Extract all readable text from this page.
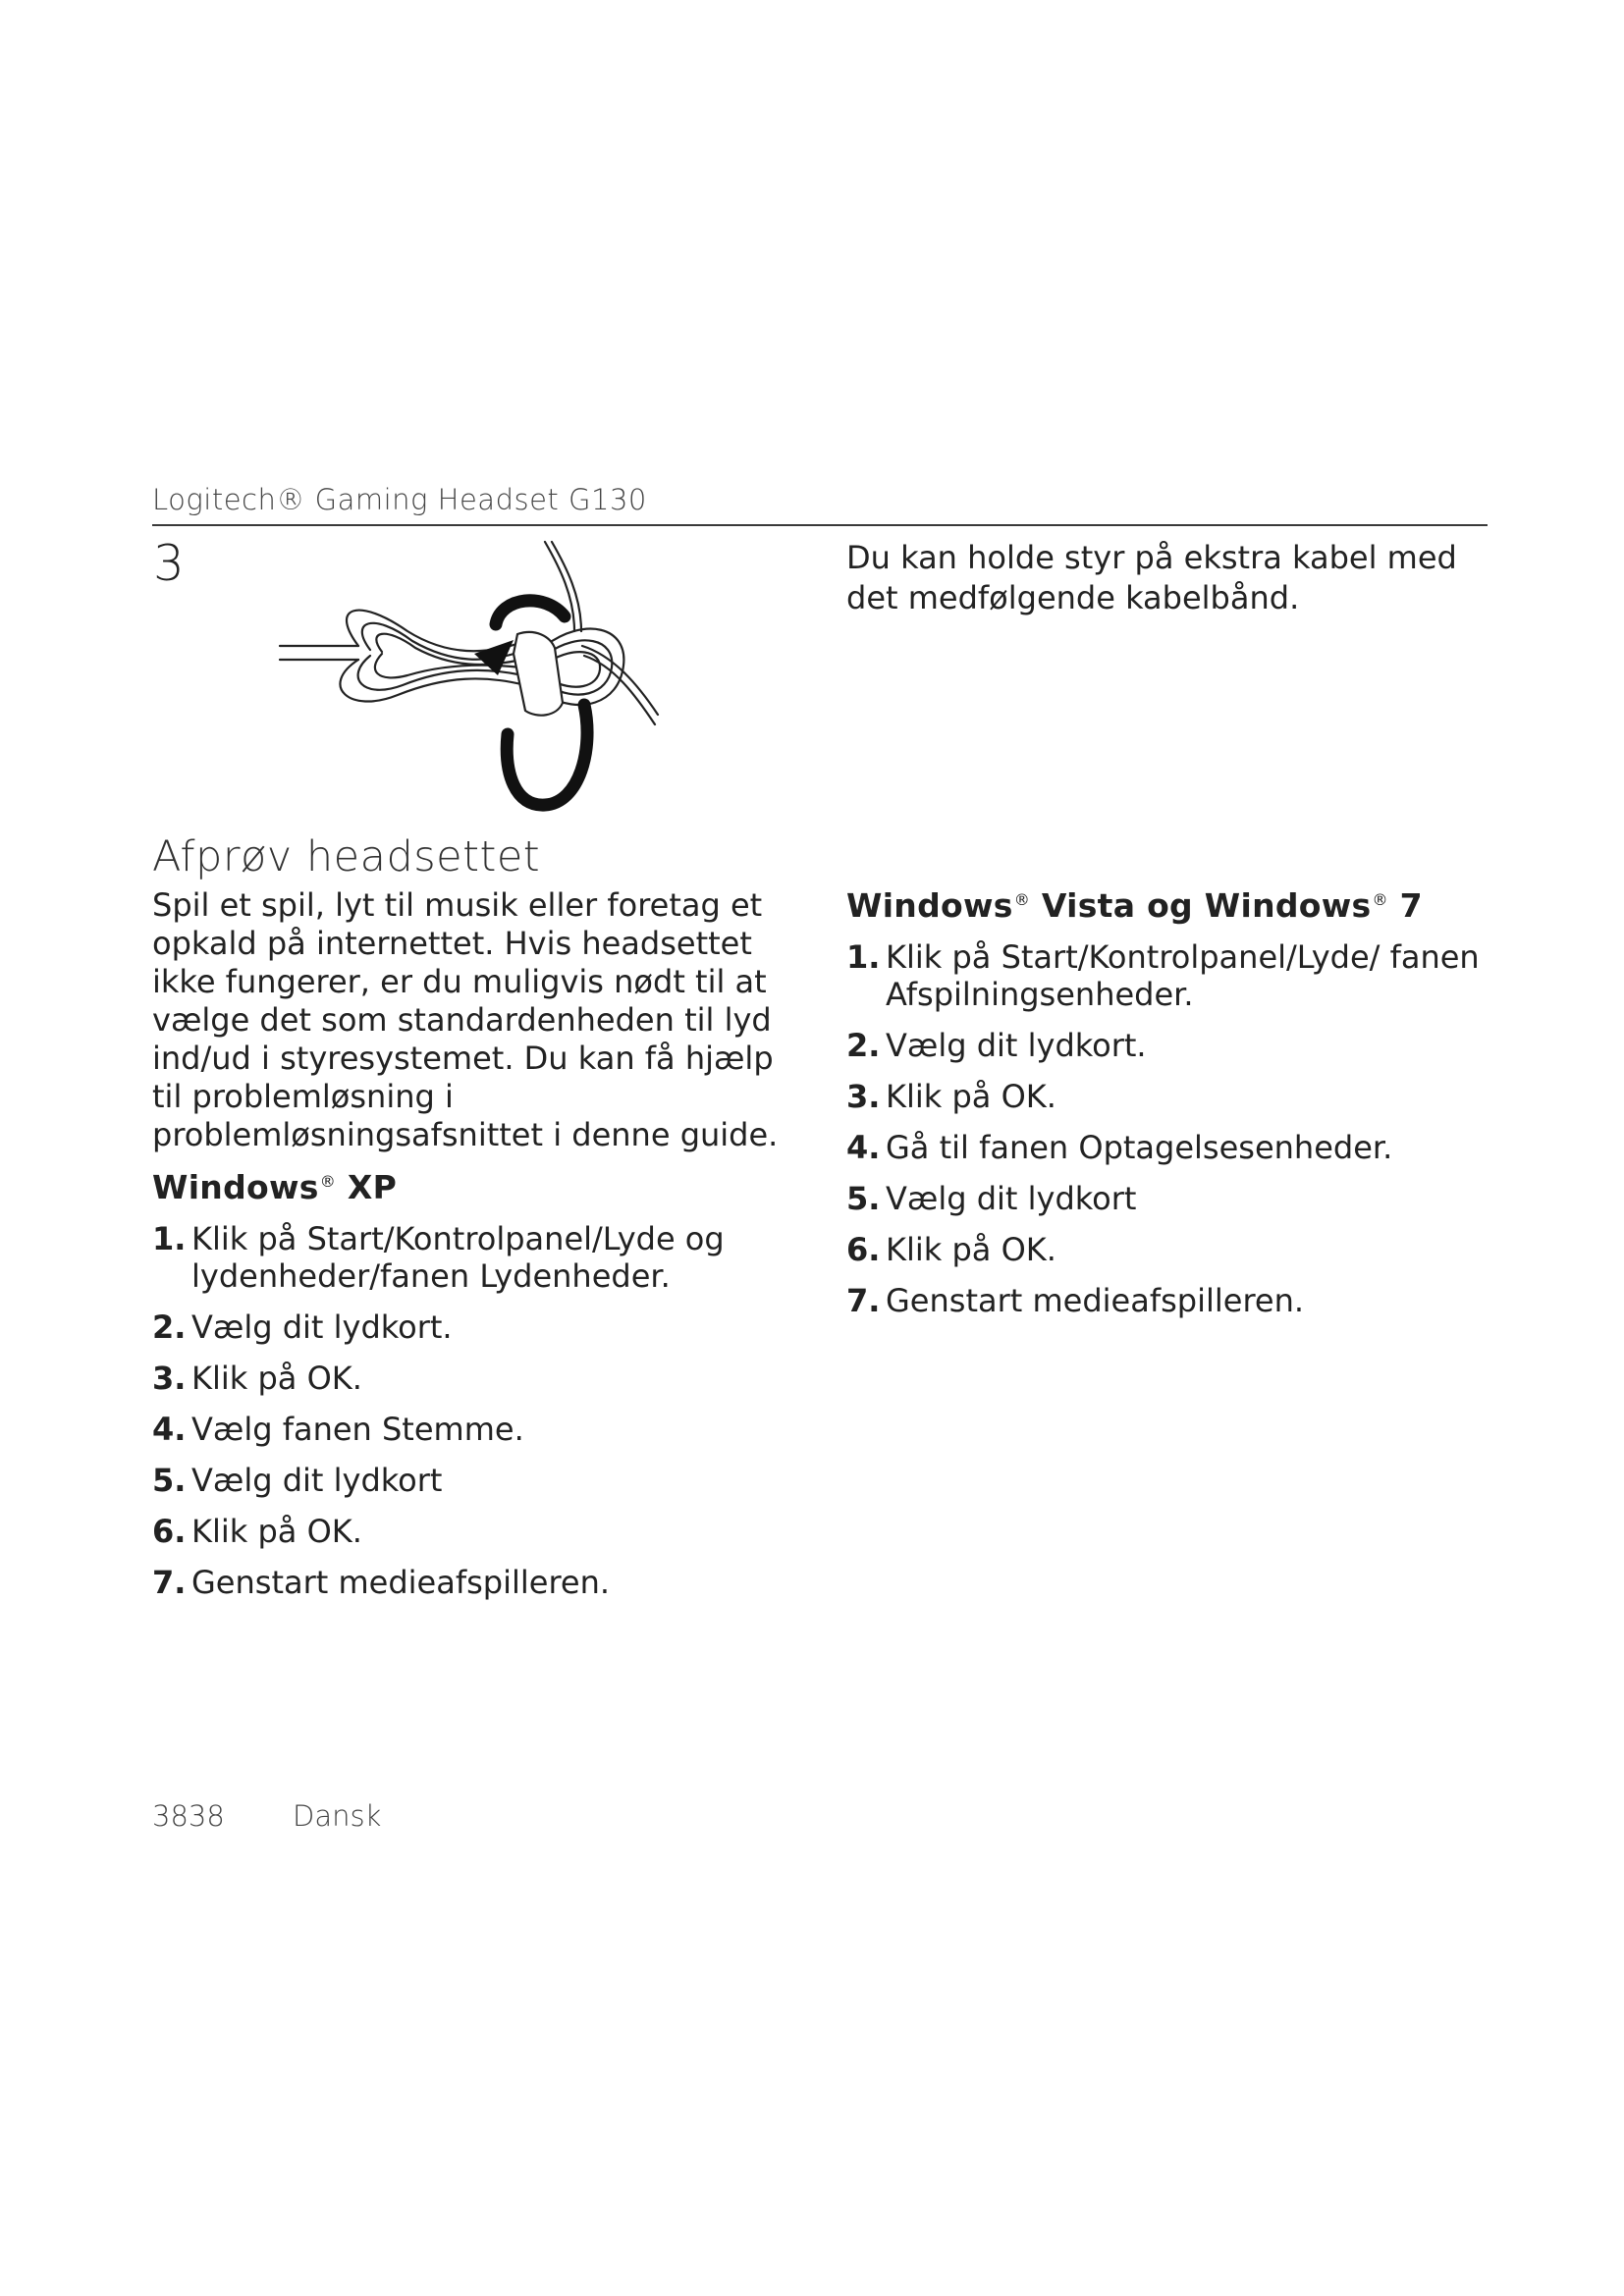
Logitech® Gaming Headset G130
3	Du kan holde styr på ekstra kabel med
det medfølgende kabelbånd.
Afprøv headsettet

Spil et spil, lyt til musik eller foretag et opkald på internettet. Hvis headsettet ikke fungerer, er du muligvis nødt til at vælge det som standardenheden til lyd ind/ud i styresystemet. Du kan få hjælp til problemløsning i problemløsningsafsnittet i denne guide.

Windows® XP
1. Klik på Start/Kontrolpanel/Lyde og lydenheder/fanen Lydenheder.
2. Vælg dit lydkort.
3. Klik på OK.
4. Vælg fanen Stemme.
5. Vælg dit lydkort
6. Klik på OK.
7. Genstart medieafspilleren.
Windows® Vista og Windows® 7
1. Klik på Start/Kontrolpanel/Lyde/ fanen Afspilningsenheder.
2. Vælg dit lydkort.
3. Klik på OK.
4. Gå til fanen Optagelsesenheder.
5. Vælg dit lydkort
6. Klik på OK.
7. Genstart medieafspilleren.
3838 Dansk
